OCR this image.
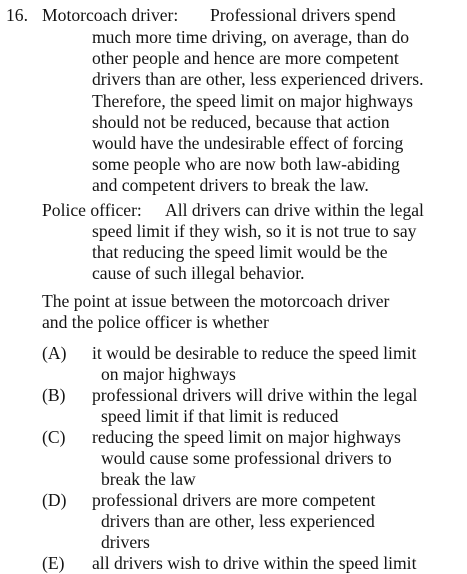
16. Motorcoach driver: Professional drivers spend
much more time driving, on average, than do
other people and hence are more competent
drivers than are other, less experienced drivers.
Therefore, the speed limit on major highways
should not be reduced, because that action
would have the undesirable effect of forcing
some people who are now both law-abiding
and competent drivers to break the law.
Police officer: All drivers can drive within the legal
speed limit if they wish, so it is not true to say
that reducing the speed limit would be the
cause of such illegal behavior.
The point at issue between the motorcoach driver
and the police officer is whether
(A) it would be desirable to reduce the speed limit
on major highways
(B) professional drivers will drive within the legal
speed limit if that limit is reduced
(C) reducing the speed limit on major highways
would cause some professional drivers to
break the law
(D) professional drivers are more competent
drivers than are other, less experienced
drivers
(E) all drivers wish to drive within the speed limit
